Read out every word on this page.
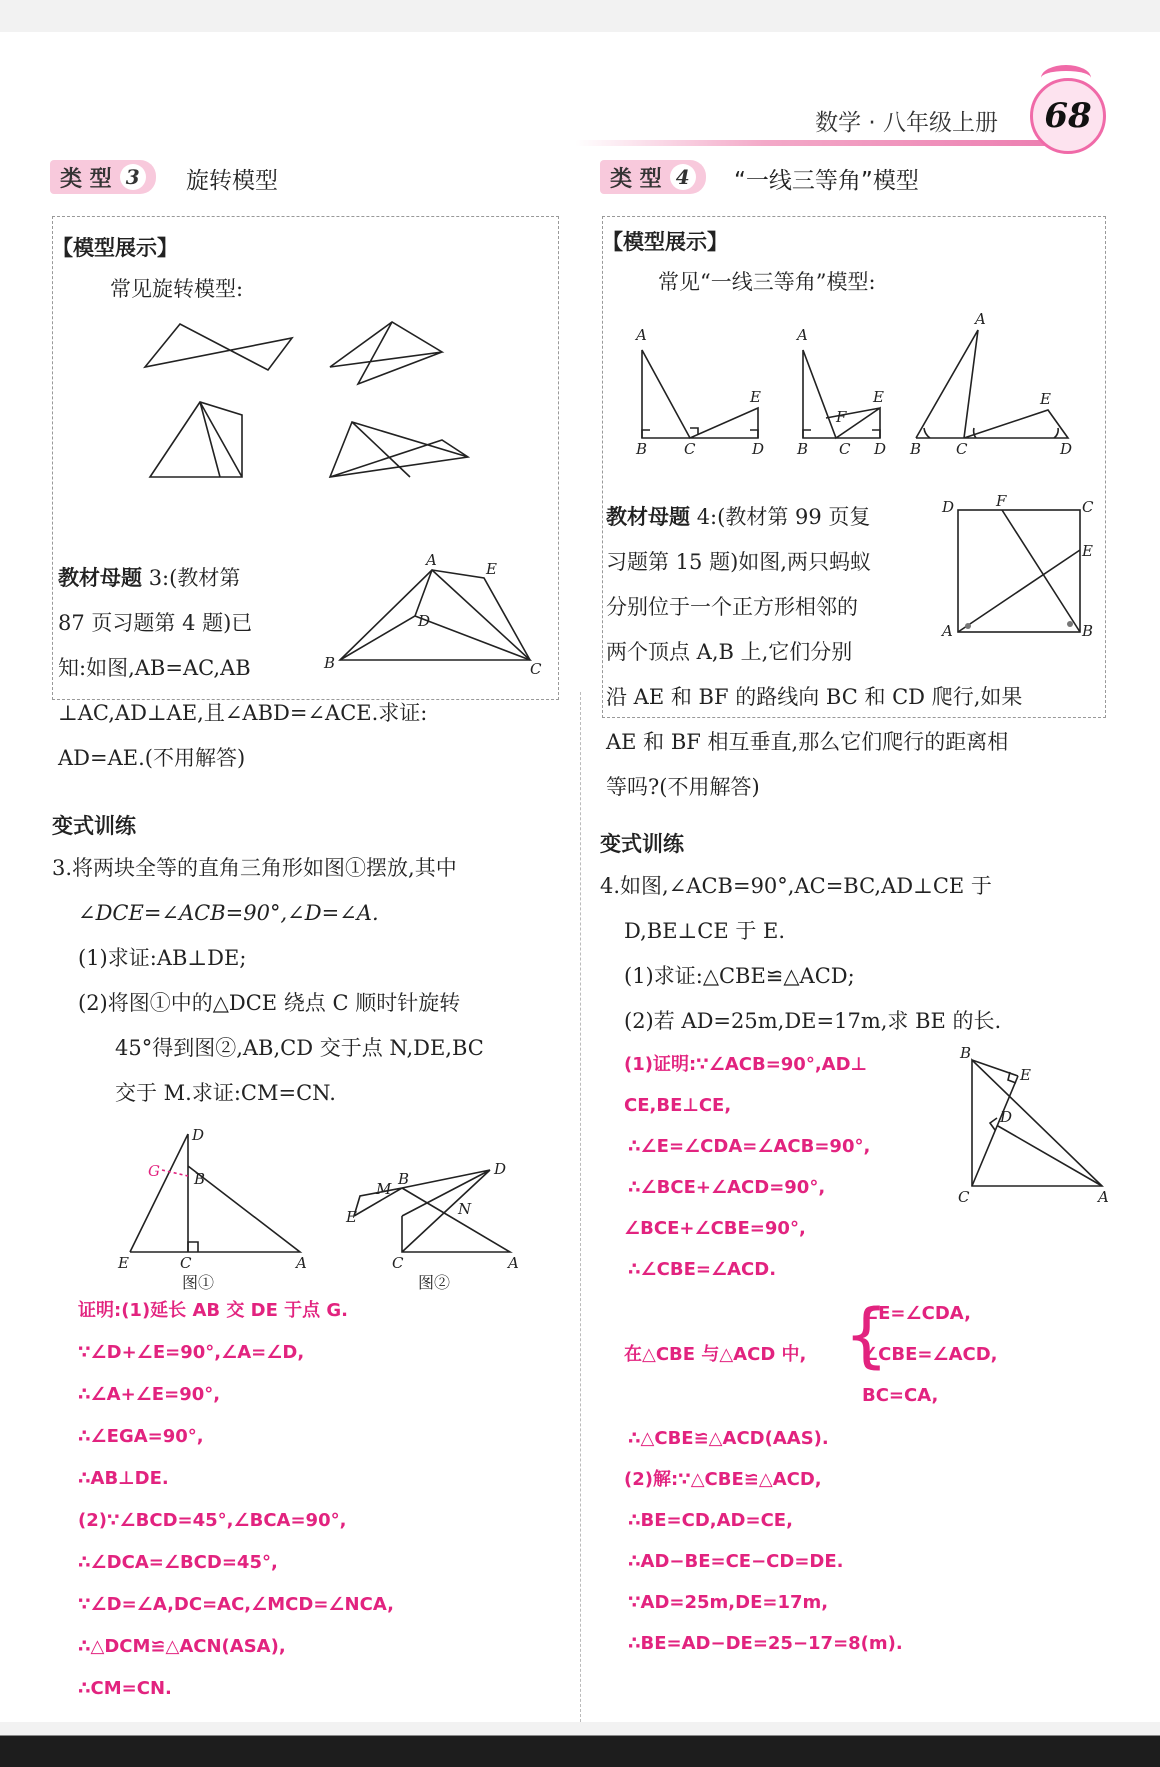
数学 · 八年级上册 68
类 型 3 旋转模型
【模型展示】
常见旋转模型:
教材母题 3:(教材第
87 页习题第 4 题)已
知:如图,AB=AC,AB
⊥AC,AD⊥AE,且∠ABD=∠ACE.求证:
AD=AE.(不用解答)
A	E
D
B	C
变式训练
3.将两块全等的直角三角形如图①摆放,其中
∠DCE=∠ACB=90°,∠D=∠A.
(1)求证:AB⊥DE;
(2)将图①中的△DCE 绕点 C 顺时针旋转
45°得到图②,AB,CD 交于点 N,DE,BC
交于 M.求证:CM=CN.
D
G B
E	C	A
图①
M
B
D
E	N
C	A
图②
证明:(1)延长 AB 交 DE 于点 G.
∵∠D+∠E=90°,∠A=∠D,
∴∠A+∠E=90°,
∴∠EGA=90°,
∴AB⊥DE.
(2)∵∠BCD=45°,∠BCA=90°,
∴∠DCA=∠BCD=45°,
∵∠D=∠A,DC=AC,∠MCD=∠NCA,
∴△DCM≌△ACN(ASA),
∴CM=CN.
类 型 4 “一线三等角”模型
【模型展示】
常见“一线三等角”模型:
A
E
B C	D
A
E
F
B C D
A
E
B C	D
教材母题 4:(教材第 99 页复
习题第 15 题)如图,两只蚂蚁
分别位于一个正方形相邻的
两个顶点 A,B 上,它们分别
沿 AE 和 BF 的路线向 BC 和 CD 爬行,如果
AE 和 BF 相互垂直,那么它们爬行的距离相
等吗?(不用解答)
D	F	C
E
A	B
变式训练
4.如图,∠ACB=90°,AC=BC,AD⊥CE 于
D,BE⊥CE 于 E.
(1)求证:△CBE≌△ACD;
(2)若 AD=25m,DE=17m,求 BE 的长.
B
E
D
C	A
(1)证明:∵∠ACB=90°,AD⊥
CE,BE⊥CE,
∴∠E=∠CDA=∠ACB=90°,
∴∠BCE+∠ACD=90°,
∠BCE+∠CBE=90°,
∴∠CBE=∠ACD.
在△CBE 与△ACD 中, {
∠E=∠CDA,
∠CBE=∠ACD,
BC=CA,
∴△CBE≌△ACD(AAS).
(2)解:∵△CBE≌△ACD,
∴BE=CD,AD=CE,
∴AD−BE=CE−CD=DE.
∵AD=25m,DE=17m,
∴BE=AD−DE=25−17=8(m).
